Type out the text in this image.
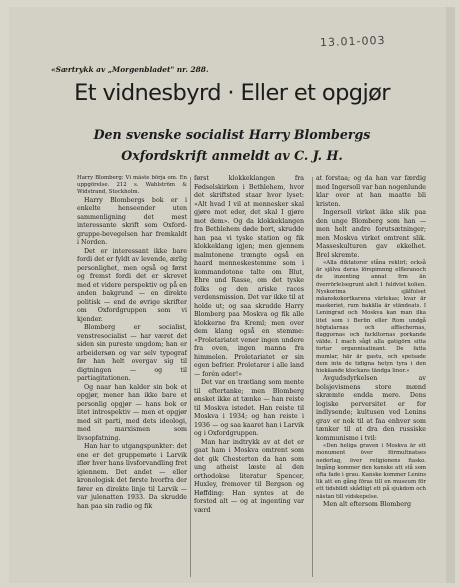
13.01-003
«Særtrykk av „Morgenbladet" nr. 288.
Et vidnesbyrd · Eller et opgjør
Den svenske socialist Harry Blombergs
Oxfordskrift anmeldt av C. J. H.

Harry Blomberg: Vi måste börja om. En uppgörelse. 212 s. Wahlström & Widstrand, Stockholm.

Harry Blombergs bok er i enkelte henseender uten sammenligning det mest interessante skrift som Oxford-gruppe-bevegelsen har fremkaldt i Norden.

Det er interessant ikke bare fordi det er fyldt av levende, ærlig personlighet, men også og først og fremst fordi det er skrevet med et videre perspektiv og på en anden bakgrund — en direkte politisk — end de øvrige skrifter om Oxfordgruppen som vi kjender.

Blomberg er socialist, venstresocialist — har været det siden sin pureste ungdom; han er arbeidersøn og var selv typograf før han helt overgav sig til digtningen — og til partiagitationen.

Og naar han kalder sin bok et opgjør, mener han ikke bare et personlig opgjør — hans bok er litet introspektiv — men et opgjør med sit parti, med dets ideologi, med marxismen som livsopfatning.

Han har to utgangspunkter: det ene er det gruppemøte i Larvik iflør hver hans livsforvandling fret igiennem. Det andet — eller kronologisk det første hvorfra der fører en direkte linje til Larvik — var julenatten 1933. Da skrudde han paa sin radio og fik

først klokkeklangen fra Fødselskirken i Bethlehem, hvor det skriftsted staar hvor lyset: «Alt hvad I vil at mennesker skal gjøre mot eder, det skal I gjøre mot dem». Og da klokkeklangen fra Bethlehem døde bort, skrudde han paa vi tyske station og fik klokkeklang igjen; men gjennem malmtonene trængte også en haard menneskestemme som i kommandotone talte om Blut, Ehre und Rasse, om det tyske folks og den ariske races verdensmission. Det var ikke til at holde ut; og saa skrudde Harry Blomberg paa Moskva og fik alle klokkerne fra Kreml; men over dem klang også en stemme: «Proletariatet vener ingen undere fra oven, ingen manna fra himmelen. Proletariatet er sin egen befrier. Proletarer i alle land — forén eder!»

Det var en trætlang som mente til eftertanke; men Blomberg ønsket ikke at tænke — han reiste til Moskva istedet. Han reiste til Moskva i 1934; og han reiste i 1936 — og saa kaaret han i Larvik og i Oxfordgruppen.

Man har indtrykk av at det er gaat ham i Moskva omtrent som det gik Chesterton da han som ung atheist læste al den orthodokse literatur Spencer, Huxley, fremover til Bergson og Høffding: Han syntes at de forstod alt — og at ingenting var værd

at forstaa; og da han var færdig med Ingersoll var han nogenlunde klar over at han maatte bli kristen.

Ingersoll virket ikke slik paa den unge Blomberg som han — men helt andre forutsætninger; men Moskva virket omtrent slik. Masseskulturen gav ekkelhet. Brel skremte.

«Alla diktatorer ståna reklirl; också är själva deras lörspimnng elfleranoch de inzenting annat frm än överrörlelsegrunt alelt 1 fuldvist kolien. Nyskorima själfulset mäanskokortkarena värlekas; kvar är maskeriet, rum bakälla är ständeats. I Leningrad och Moskva kan man ilka litet som i Berlin eller Rom undgå högtalarnas och affischernas, flaggornas och fackltornas porkande välde. I mach sågt alla gatigörn sitta fortar organnisatinant. De fatta mumlar, här är gastu, och spetsade dem inte de tidigna hetyn tyra i den hiekäande klockans tändga linor.»

Avgudsdyrkelsen av bolsjevismens store mænd skræmte endda mere. Dens logiske perversitet er for indlysende; kultusen ved Lenins grav er nok til at faa enhver som tænker til at dra den russiske kommunisme i tvil:

«Den heliga graven i Moskva är ett monument över förmultnatses nederlag, över religionens fiasko. Ingång kommer den kanske att stå som ofta fade i grau. Kanske kommer Lenins lik att en gång föras till en museum för ett tidsbildt skådligt ett på sjukdom och nästan till vidskepelse.

Men alt eftersom Blomberg
